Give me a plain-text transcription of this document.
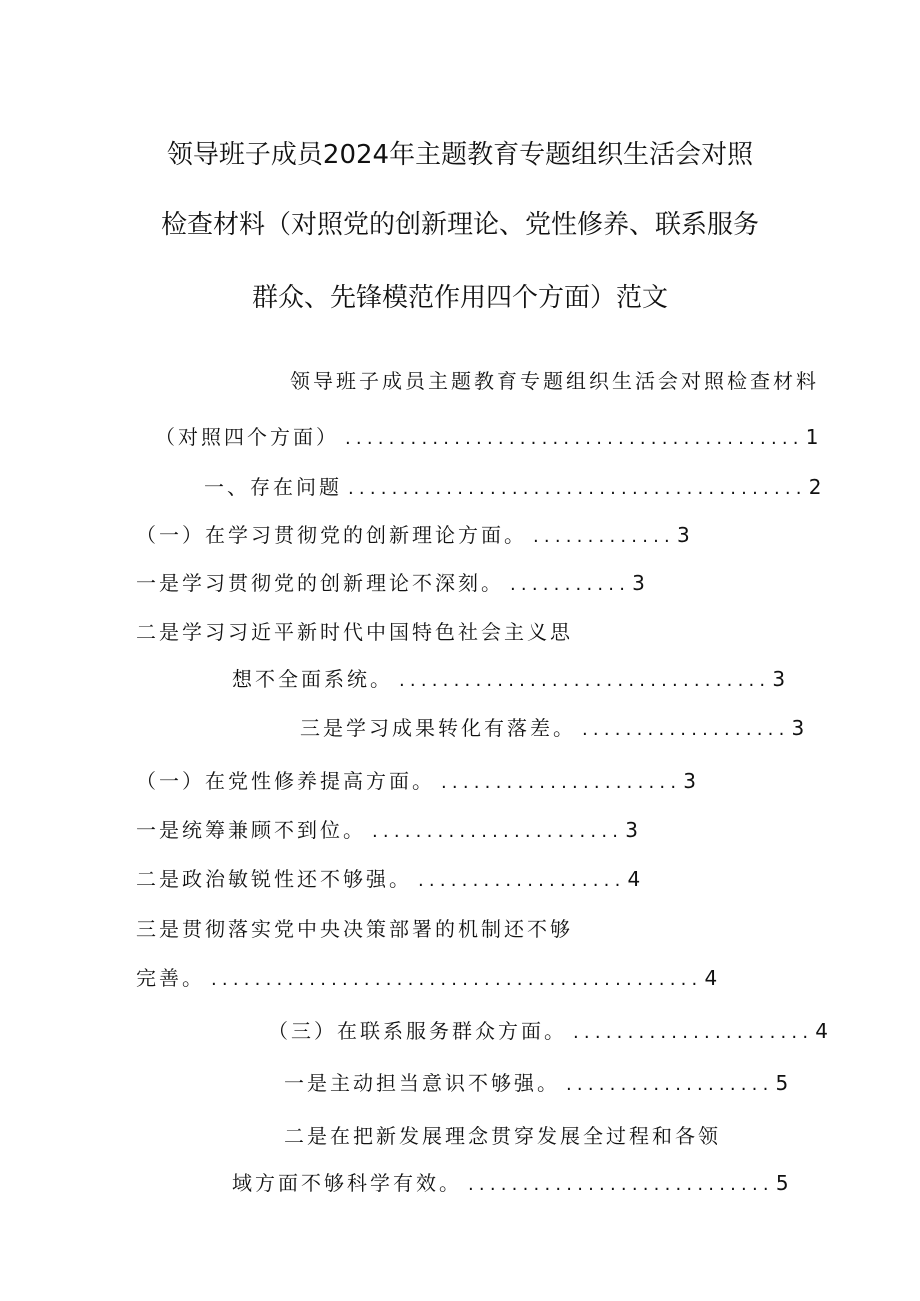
领导班子成员2024年主题教育专题组织生活会对照
检查材料（对照党的创新理论、党性修养、联系服务
群众、先锋模范作用四个方面）范文
领导班子成员主题教育专题组织生活会对照检查材料
（对照四个方面） .......................................... 1
一、存在问题 .......................................... 2
（一）在学习贯彻党的创新理论方面。 ............. 3
一是学习贯彻党的创新理论不深刻。 ........... 3
二是学习习近平新时代中国特色社会主义思
想不全面系统。 .................................. 3
三是学习成果转化有落差。 ................... 3
（一）在党性修养提高方面。 ...................... 3
一是统筹兼顾不到位。 ....................... 3
二是政治敏锐性还不够强。 ................... 4
三是贯彻落实党中央决策部署的机制还不够
完善。 ............................................. 4
（三）在联系服务群众方面。 ...................... 4
一是主动担当意识不够强。 ................... 5
二是在把新发展理念贯穿发展全过程和各领
域方面不够科学有效。 ............................ 5
